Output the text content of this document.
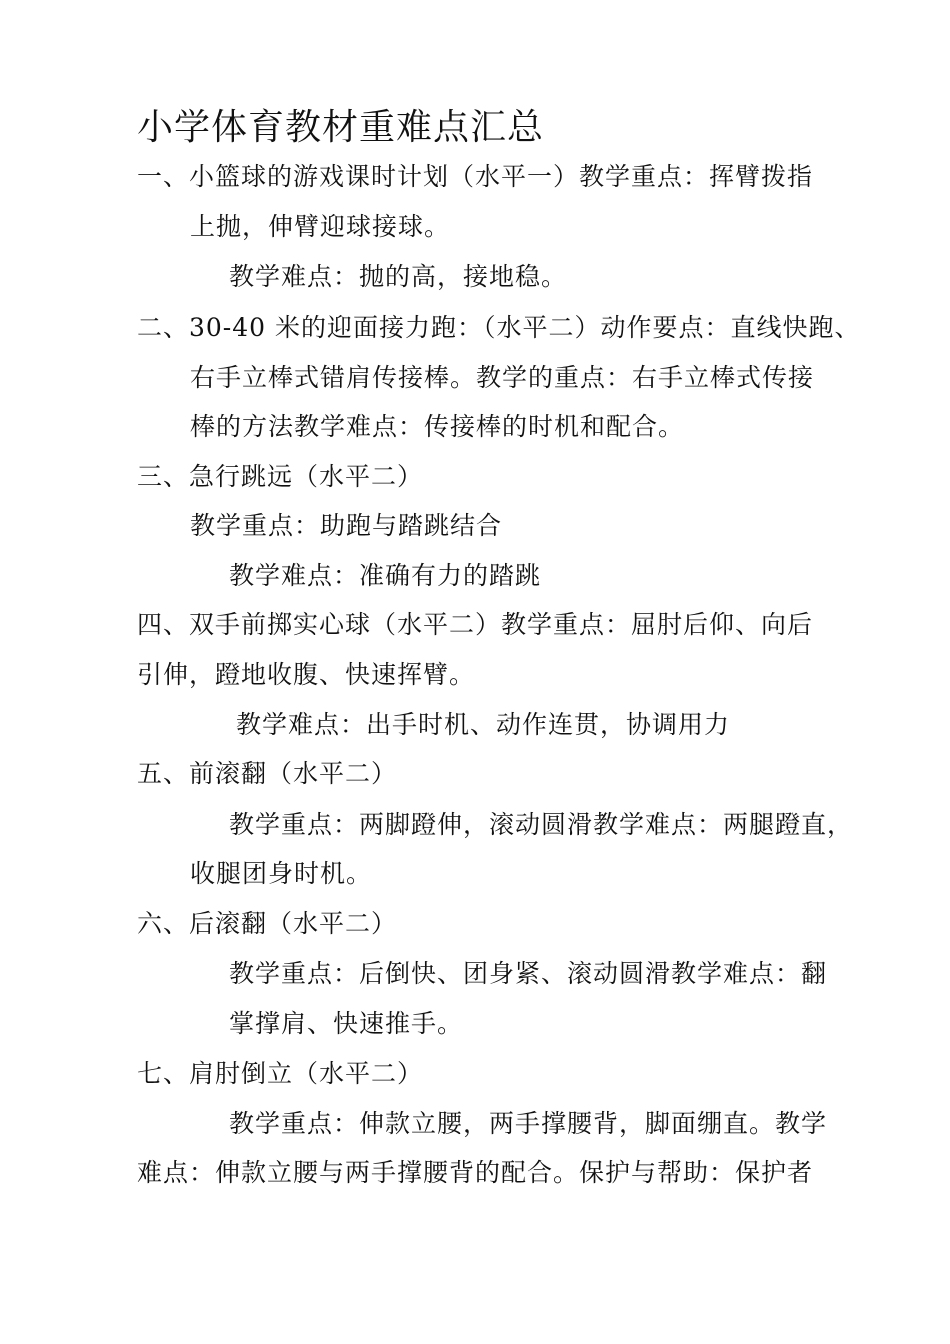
小学体育教材重难点汇总
一、小篮球的游戏课时计划（水平一）教学重点：挥臂拨指
上抛，伸臂迎球接球。
教学难点：抛的高，接地稳。
二、30-40 米的迎面接力跑：（水平二）动作要点：直线快跑、
右手立棒式错肩传接棒。教学的重点：右手立棒式传接
棒的方法教学难点：传接棒的时机和配合。
三、急行跳远（水平二）
教学重点：助跑与踏跳结合
教学难点：准确有力的踏跳
四、双手前掷实心球（水平二）教学重点：屈肘后仰、向后
引伸，蹬地收腹、快速挥臂。
教学难点：出手时机、动作连贯，协调用力
五、前滚翻（水平二）
教学重点：两脚蹬伸，滚动圆滑教学难点：两腿蹬直，
收腿团身时机。
六、后滚翻（水平二）
教学重点：后倒快、团身紧、滚动圆滑教学难点：翻
掌撑肩、快速推手。
七、肩肘倒立（水平二）
教学重点：伸款立腰，两手撑腰背，脚面绷直。教学
难点：伸款立腰与两手撑腰背的配合。保护与帮助：保护者
